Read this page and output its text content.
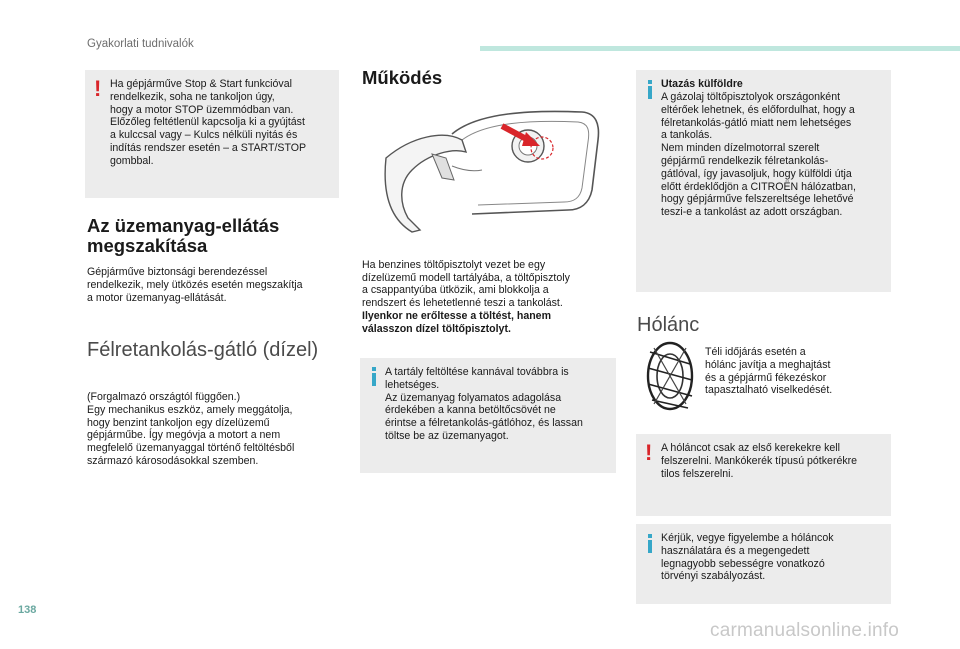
Gyakorlati tudnivalók
! Ha gépjárműve Stop & Start funkcióval
rendelkezik, soha ne tankoljon úgy,
hogy a motor STOP üzemmódban van.
Előzőleg feltétlenül kapcsolja ki a gyújtást
a kulccsal vagy – Kulcs nélküli nyitás és
indítás rendszer esetén – a START/STOP
gombbal.
Az üzemanyag-ellátás
megszakítása
Gépjárműve biztonsági berendezéssel
rendelkezik, mely ütközés esetén megszakítja
a motor üzemanyag-ellátását.
Félretankolás-gátló (dízel)
(Forgalmazó országtól függően.)
Egy mechanikus eszköz, amely meggátolja,
hogy benzint tankoljon egy dízelüzemű
gépjárműbe. Így megóvja a motort a nem
megfelelő üzemanyaggal történő feltöltésből
származó károsodásokkal szemben.
Működés

Ha benzines töltőpisztolyt vezet be egy
dízelüzemű modell tartályába, a töltőpisztoly
a csappantyúba ütközik, ami blokkolja a
rendszert és lehetetlenné teszi a tankolást.

Ilyenkor ne erőltesse a töltést, hanem
válasszon dízel töltőpisztolyt.

A tartály feltöltése kannával továbbra is
lehetséges.
Az üzemanyag folyamatos adagolása
érdekében a kanna betöltőcsövét ne
érintse a félretankolás-gátlóhoz, és lassan
töltse be az üzemanyagot.
Utazás külföldre
A gázolaj töltőpisztolyok országonként
eltérőek lehetnek, és előfordulhat, hogy a
félretankolás-gátló miatt nem lehetséges
a tankolás.
Nem minden dízelmotorral szerelt
gépjármű rendelkezik félretankolás-
gátlóval, így javasoljuk, hogy külföldi útja
előtt érdeklődjön a CITROËN hálózatban,
hogy gépjárműve felszereltsége lehetővé
teszi-e a tankolást az adott országban.
Hólánc
Téli időjárás esetén a
hólánc javítja a meghajtást
és a gépjármű fékezéskor
tapasztalható viselkedését.
! A hóláncot csak az első kerekekre kell
felszerelni. Mankókerék típusú pótkerékre
tilos felszerelni.
Kérjük, vegye figyelembe a hóláncok
használatára és a megengedett
legnagyobb sebességre vonatkozó
törvényi szabályozást.
138
carmanualsonline.info
